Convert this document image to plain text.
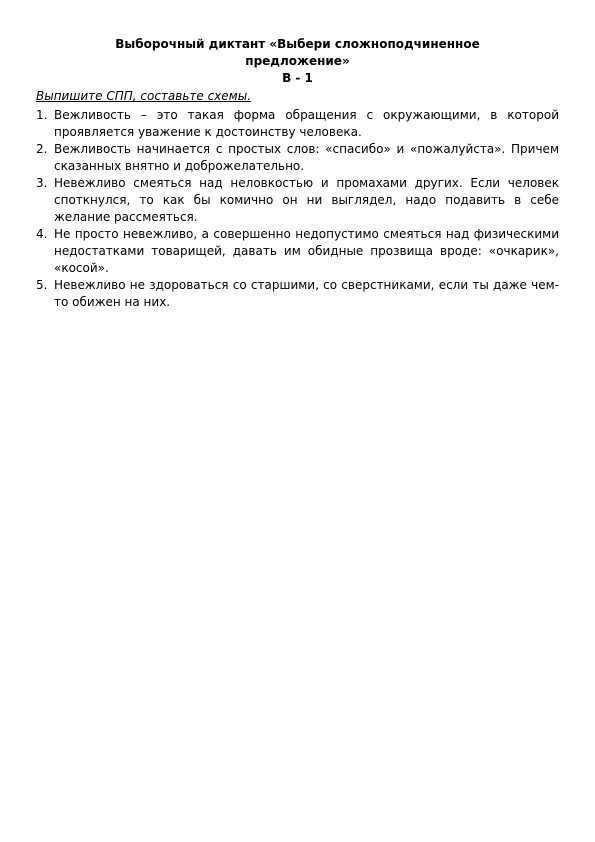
Выборочный диктант «Выбери сложноподчиненное предложение»
В - 1
Выпишите СПП, составьте схемы.
1. Вежливость – это такая форма обращения с окружающими, в которой проявляется уважение к достоинству человека.
2. Вежливость начинается с простых слов: «спасибо» и «пожалуйста». Причем сказанных внятно и доброжелательно.
3. Невежливо смеяться над неловкостью и промахами других. Если человек споткнулся, то как бы комично он ни выглядел, надо подавить в себе желание рассмеяться.
4. Не просто невежливо, а совершенно недопустимо смеяться над физическими недостатками товарищей, давать им обидные прозвища вроде: «очкарик», «косой».
5. Невежливо не здороваться со старшими, со сверстниками, если ты даже чем-то обижен на них.
